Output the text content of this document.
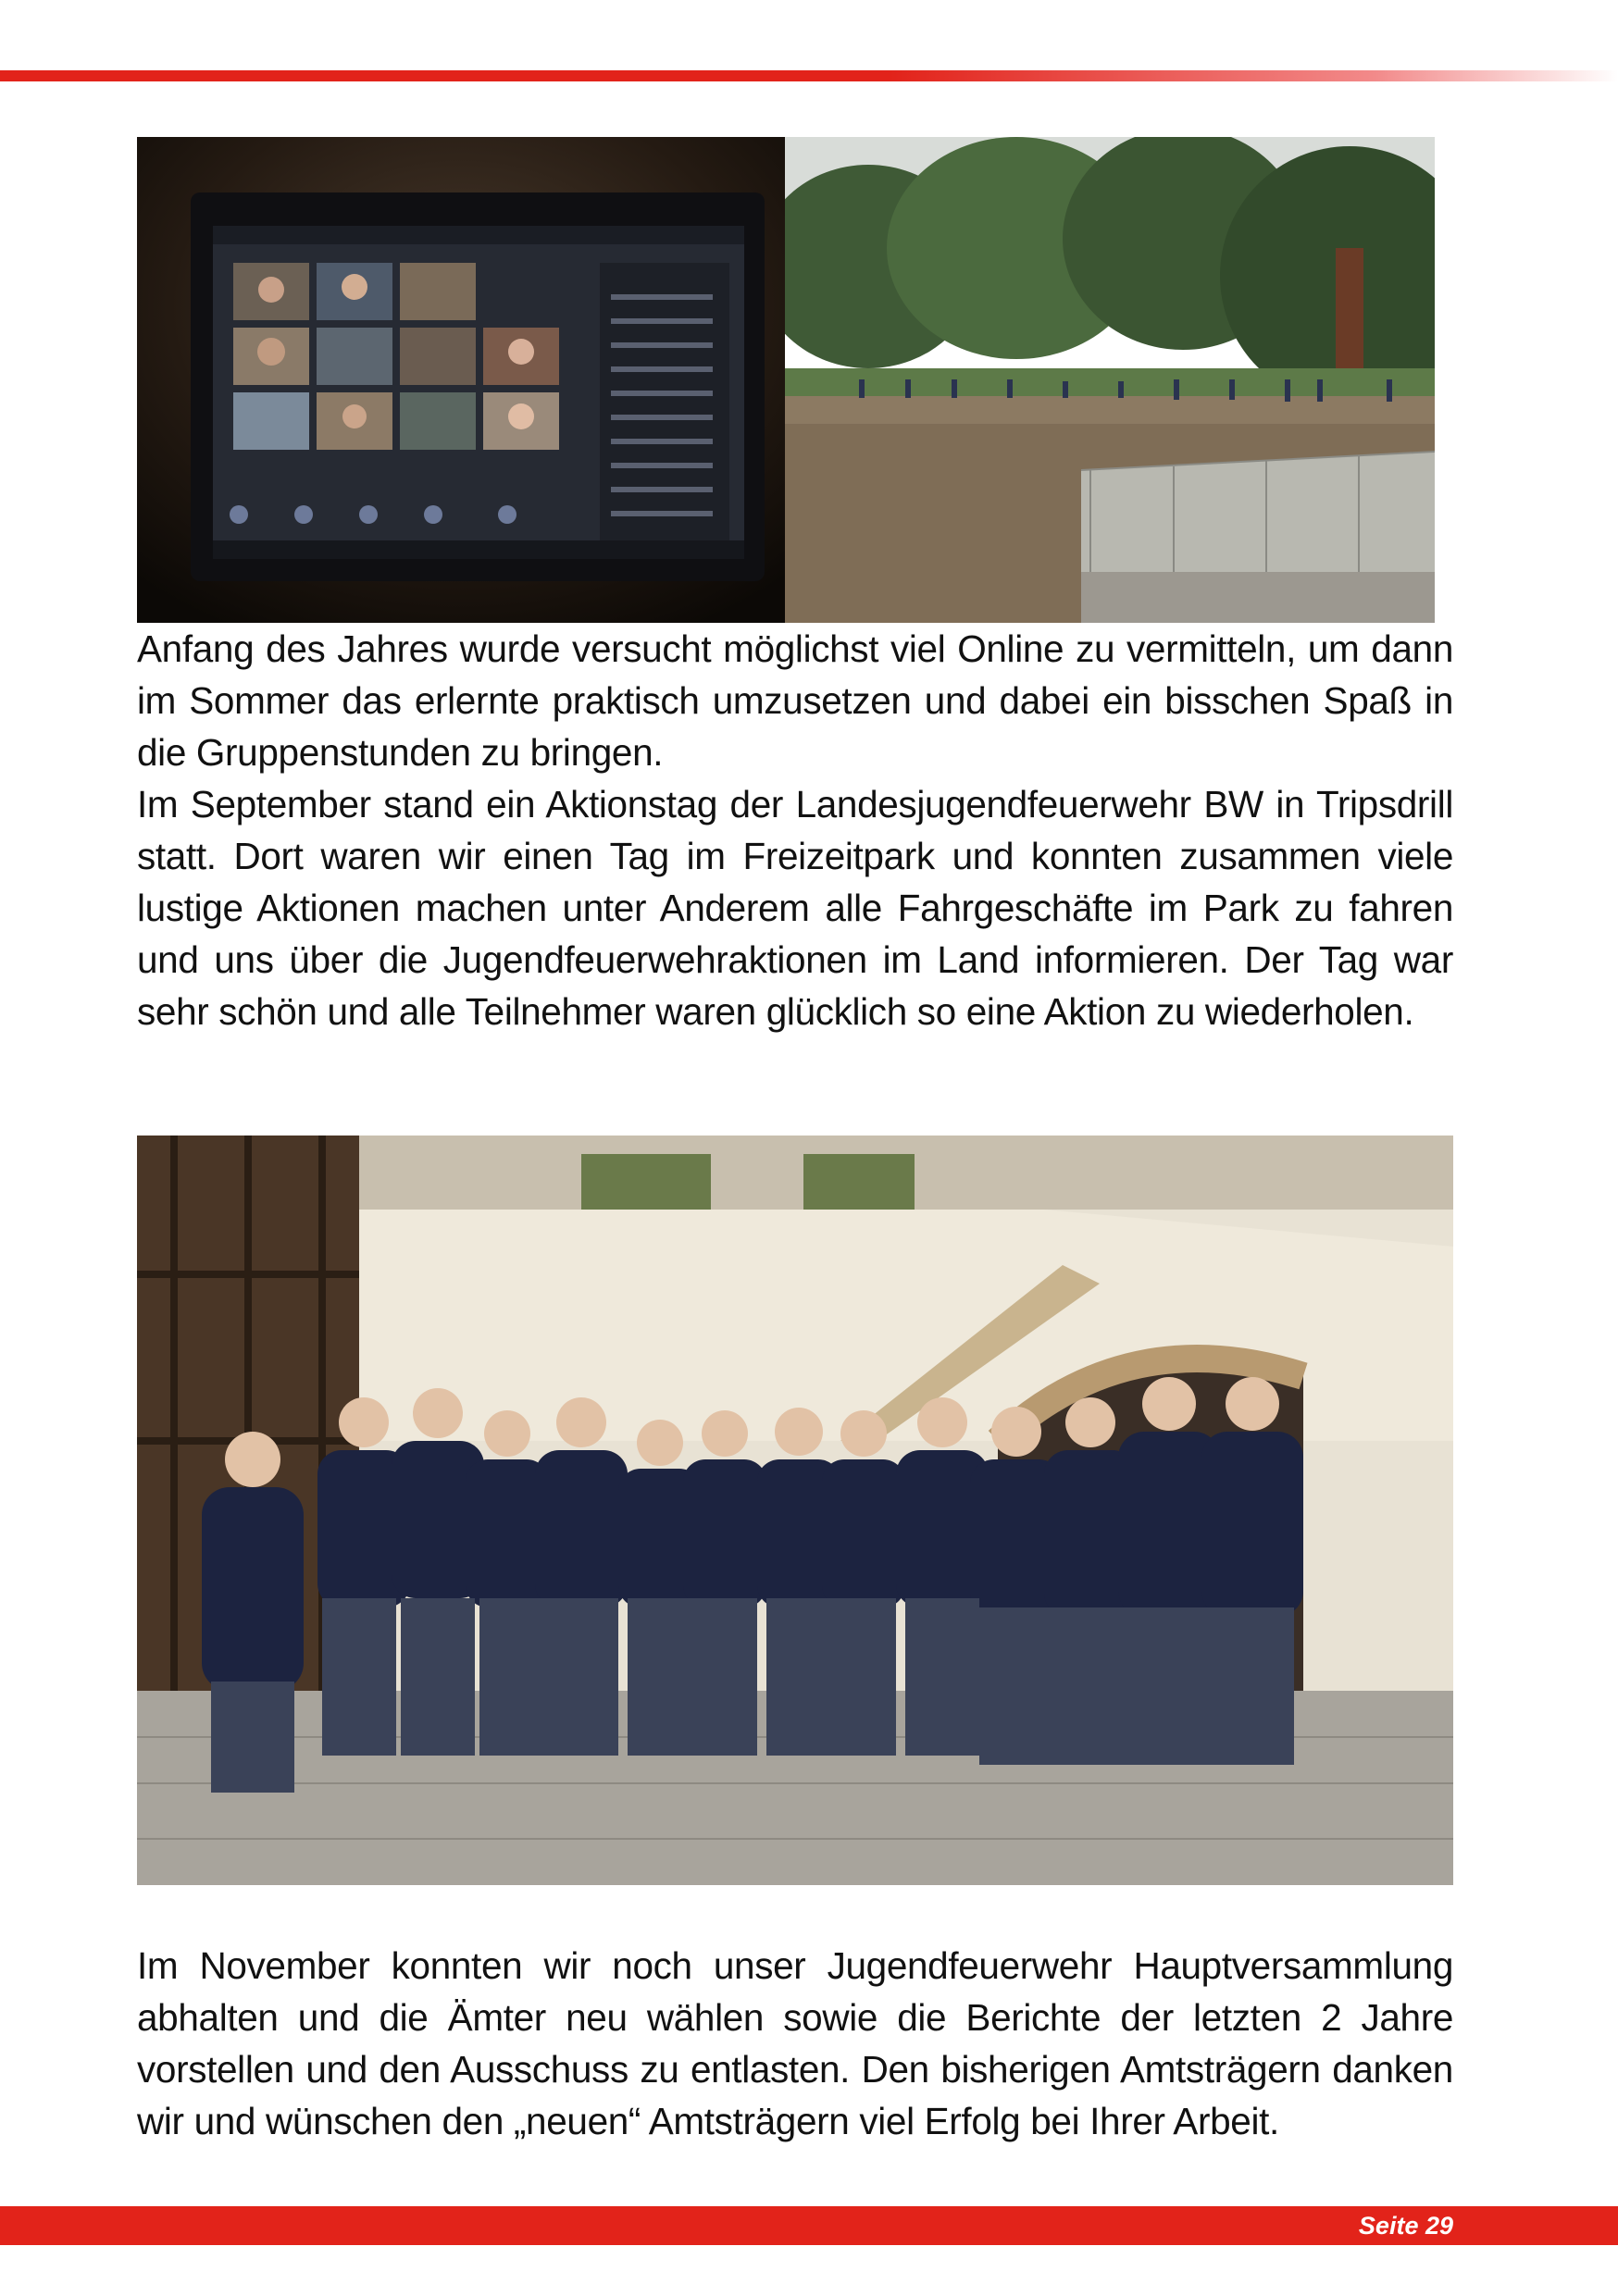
Anfang des Jahres wurde versucht möglichst viel Online zu vermitteln, um dann im Sommer das erlernte praktisch umzusetzen und dabei ein bisschen Spaß in die Gruppenstunden zu bringen.

Im September stand ein Aktionstag der Landesjugendfeuerwehr BW in Tripsdrill statt. Dort waren wir einen Tag im Freizeitpark und konnten zusammen viele lustige Aktionen machen unter Anderem alle Fahrgeschäfte im Park zu fahren und uns über die Jugendfeuerwehraktionen im Land informieren. Der Tag war sehr schön und alle Teilnehmer waren glücklich so eine Aktion zu wiederholen.

Im November konnten wir noch unser Jugendfeuerwehr Hauptversammlung abhalten und die Ämter neu wählen sowie die Berichte der letzten 2 Jahre vorstellen und den Ausschuss zu entlasten. Den bisherigen Amtsträgern danken wir und wünschen den „neuen“ Amtsträgern viel Erfolg bei Ihrer Arbeit.

Seite 29
